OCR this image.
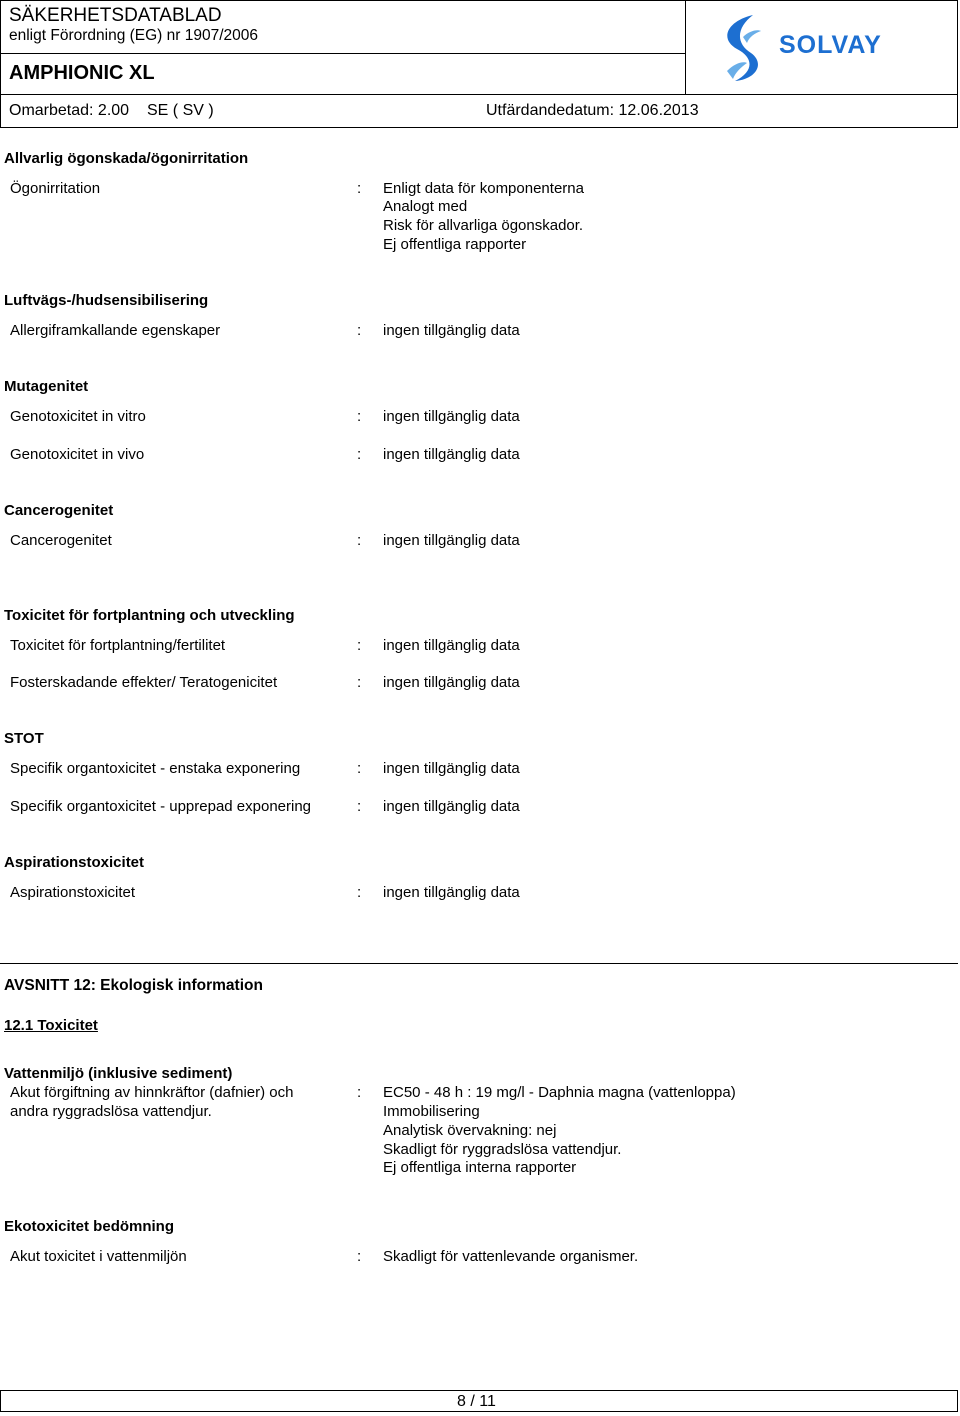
SÄKERHETSDATABLAD
enligt Förordning (EG) nr 1907/2006
AMPHIONIC XL
Omarbetad: 2.00 SE ( SV )	Utfärdandedatum: 12.06.2013
SOLVAY
Allvarlig ögonskada/ögonirritation
Ögonirritation	: Enligt data för komponenterna
Analogt med
Risk för allvarliga ögonskador.
Ej offentliga rapporter
Luftvägs-/hudsensibilisering
Allergiframkallande egenskaper	: ingen tillgänglig data
Mutagenitet
Genotoxicitet in vitro	: ingen tillgänglig data
Genotoxicitet in vivo	: ingen tillgänglig data
Cancerogenitet
Cancerogenitet	: ingen tillgänglig data
Toxicitet för fortplantning och utveckling
Toxicitet för fortplantning/fertilitet	: ingen tillgänglig data
Fosterskadande effekter/ Teratogenicitet	: ingen tillgänglig data
STOT
Specifik organtoxicitet - enstaka exponering	: ingen tillgänglig data
Specifik organtoxicitet - upprepad exponering	: ingen tillgänglig data
Aspirationstoxicitet
Aspirationstoxicitet	: ingen tillgänglig data
AVSNITT 12: Ekologisk information
12.1 Toxicitet
Vattenmiljö (inklusive sediment)
Akut förgiftning av hinnkräftor (dafnier) och
andra ryggradslösa vattendjur.
: EC50 - 48 h : 19 mg/l - Daphnia magna (vattenloppa)
Immobilisering
Analytisk övervakning: nej
Skadligt för ryggradslösa vattendjur.
Ej offentliga interna rapporter
Ekotoxicitet bedömning
Akut toxicitet i vattenmiljön	: Skadligt för vattenlevande organismer.
8 / 11
